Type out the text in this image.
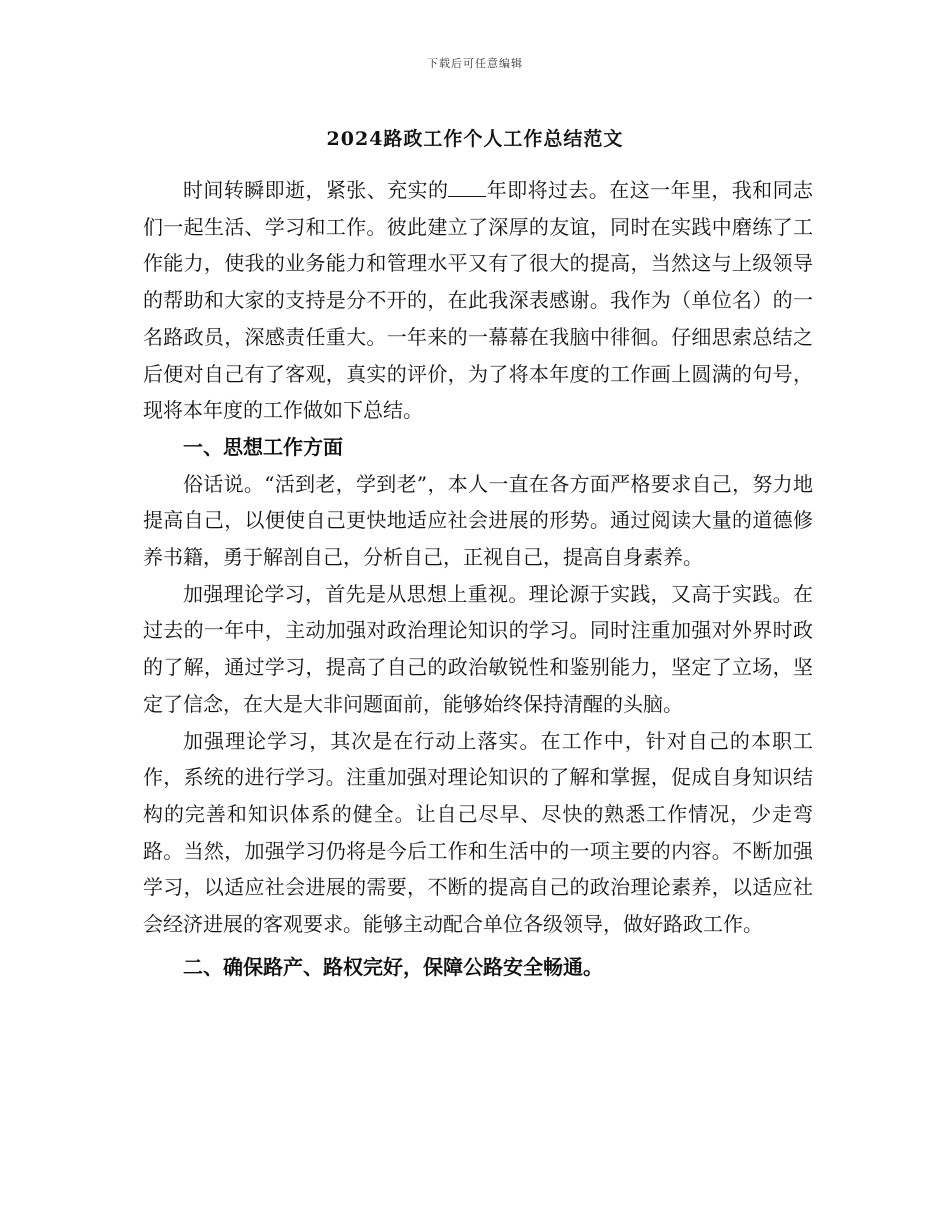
下载后可任意编辑
2024路政工作个人工作总结范文

时间转瞬即逝，紧张、充实的 年即将过去。在这一年里，我和同志们一起生活、学习和工作。彼此建立了深厚的友谊，同时在实践中磨练了工作能力，使我的业务能力和管理水平又有了很大的提高，当然这与上级领导的帮助和大家的支持是分不开的，在此我深表感谢。我作为（单位名）的一名路政员，深感责任重大。一年来的一幕幕在我脑中徘徊。仔细思索总结之后便对自己有了客观，真实的评价，为了将本年度的工作画上圆满的句号，现将本年度的工作做如下总结。

一、思想工作方面

俗话说。“活到老，学到老”，本人一直在各方面严格要求自己，努力地提高自己，以便使自己更快地适应社会进展的形势。通过阅读大量的道德修养书籍，勇于解剖自己，分析自己，正视自己，提高自身素养。

加强理论学习，首先是从思想上重视。理论源于实践，又高于实践。在过去的一年中，主动加强对政治理论知识的学习。同时注重加强对外界时政的了解，通过学习，提高了自己的政治敏锐性和鉴别能力，坚定了立场，坚定了信念，在大是大非问题面前，能够始终保持清醒的头脑。

加强理论学习，其次是在行动上落实。在工作中，针对自己的本职工作，系统的进行学习。注重加强对理论知识的了解和掌握，促成自身知识结构的完善和知识体系的健全。让自己尽早、尽快的熟悉工作情况，少走弯路。当然，加强学习仍将是今后工作和生活中的一项主要的内容。不断加强学习，以适应社会进展的需要，不断的提高自己的政治理论素养，以适应社会经济进展的客观要求。能够主动配合单位各级领导，做好路政工作。

二、确保路产、路权完好，保障公路安全畅通。
